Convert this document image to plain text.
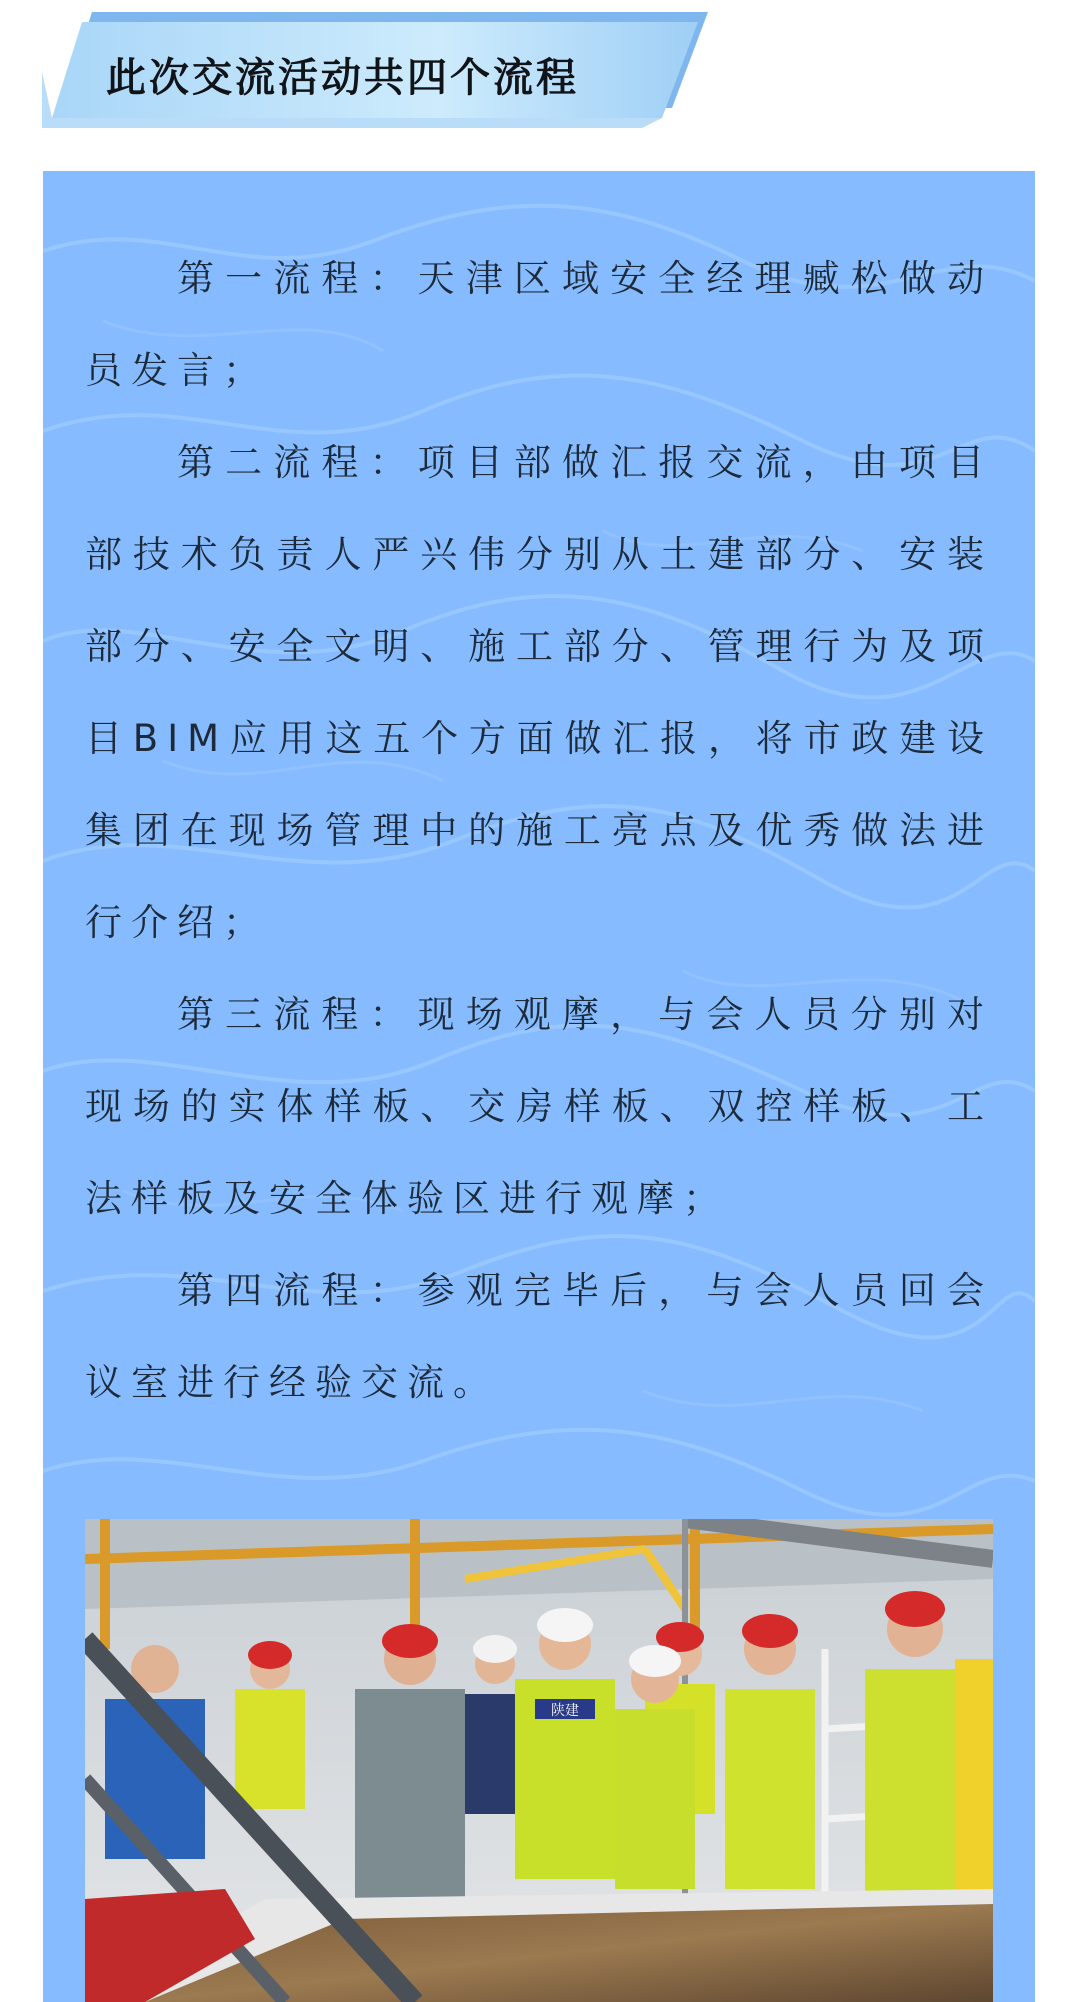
此次交流活动共四个流程

第一流程：天津区域安全经理臧松做动员发言；

第二流程：项目部做汇报交流，由项目部技术负责人严兴伟分别从土建部分、安装部分、安全文明、施工部分、管理行为及项目BIM应用这五个方面做汇报，将市政建设集团在现场管理中的施工亮点及优秀做法进行介绍；

第三流程：现场观摩，与会人员分别对现场的实体样板、交房样板、双控样板、工法样板及安全体验区进行观摩；

第四流程：参观完毕后，与会人员回会议室进行经验交流。

陕建
